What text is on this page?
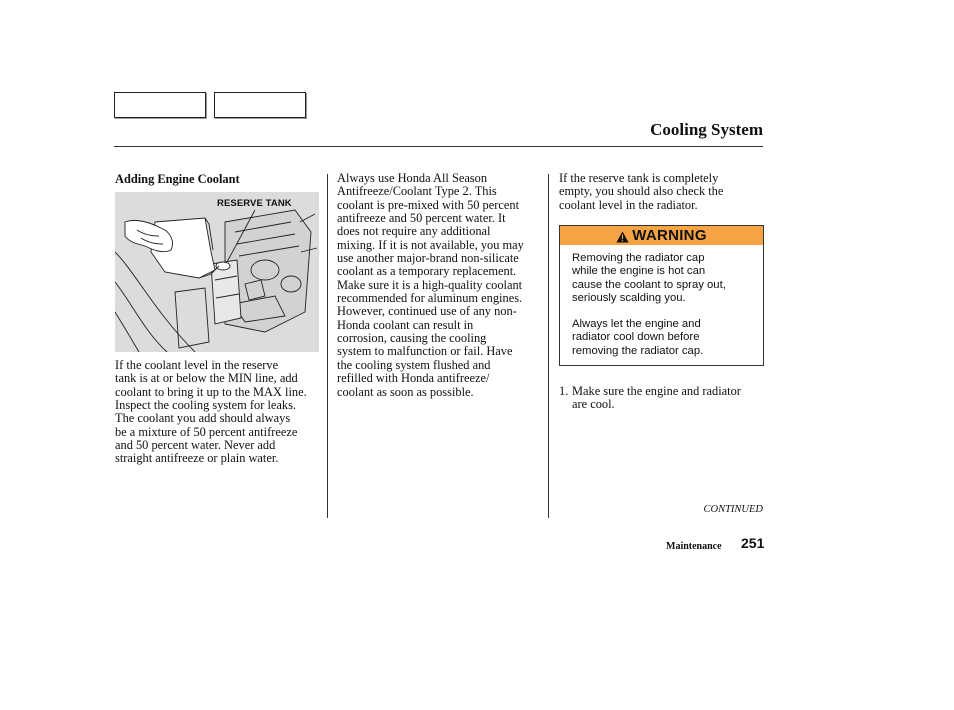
Cooling System
Adding Engine Coolant
RESERVE TANK
If the coolant level in the reserve
tank is at or below the MIN line, add
coolant to bring it up to the MAX line.
Inspect the cooling system for leaks.
The coolant you add should always
be a mixture of 50 percent antifreeze
and 50 percent water. Never add
straight antifreeze or plain water.
Always use Honda All Season
Antifreeze/Coolant Type 2. This
coolant is pre-mixed with 50 percent
antifreeze and 50 percent water. It
does not require any additional
mixing. If it is not available, you may
use another major-brand non-silicate
coolant as a temporary replacement.
Make sure it is a high-quality coolant
recommended for aluminum engines.
However, continued use of any non-
Honda coolant can result in
corrosion, causing the cooling
system to malfunction or fail. Have
the cooling system flushed and
refilled with Honda antifreeze/
coolant as soon as possible.
If the reserve tank is completely
empty, you should also check the
coolant level in the radiator.
WARNING

Removing the radiator cap
while the engine is hot can
cause the coolant to spray out,
seriously scalding you.

Always let the engine and
radiator cool down before
removing the radiator cap.

1. Make sure the engine and radiator
are cool.
CONTINUED
Maintenance 251
